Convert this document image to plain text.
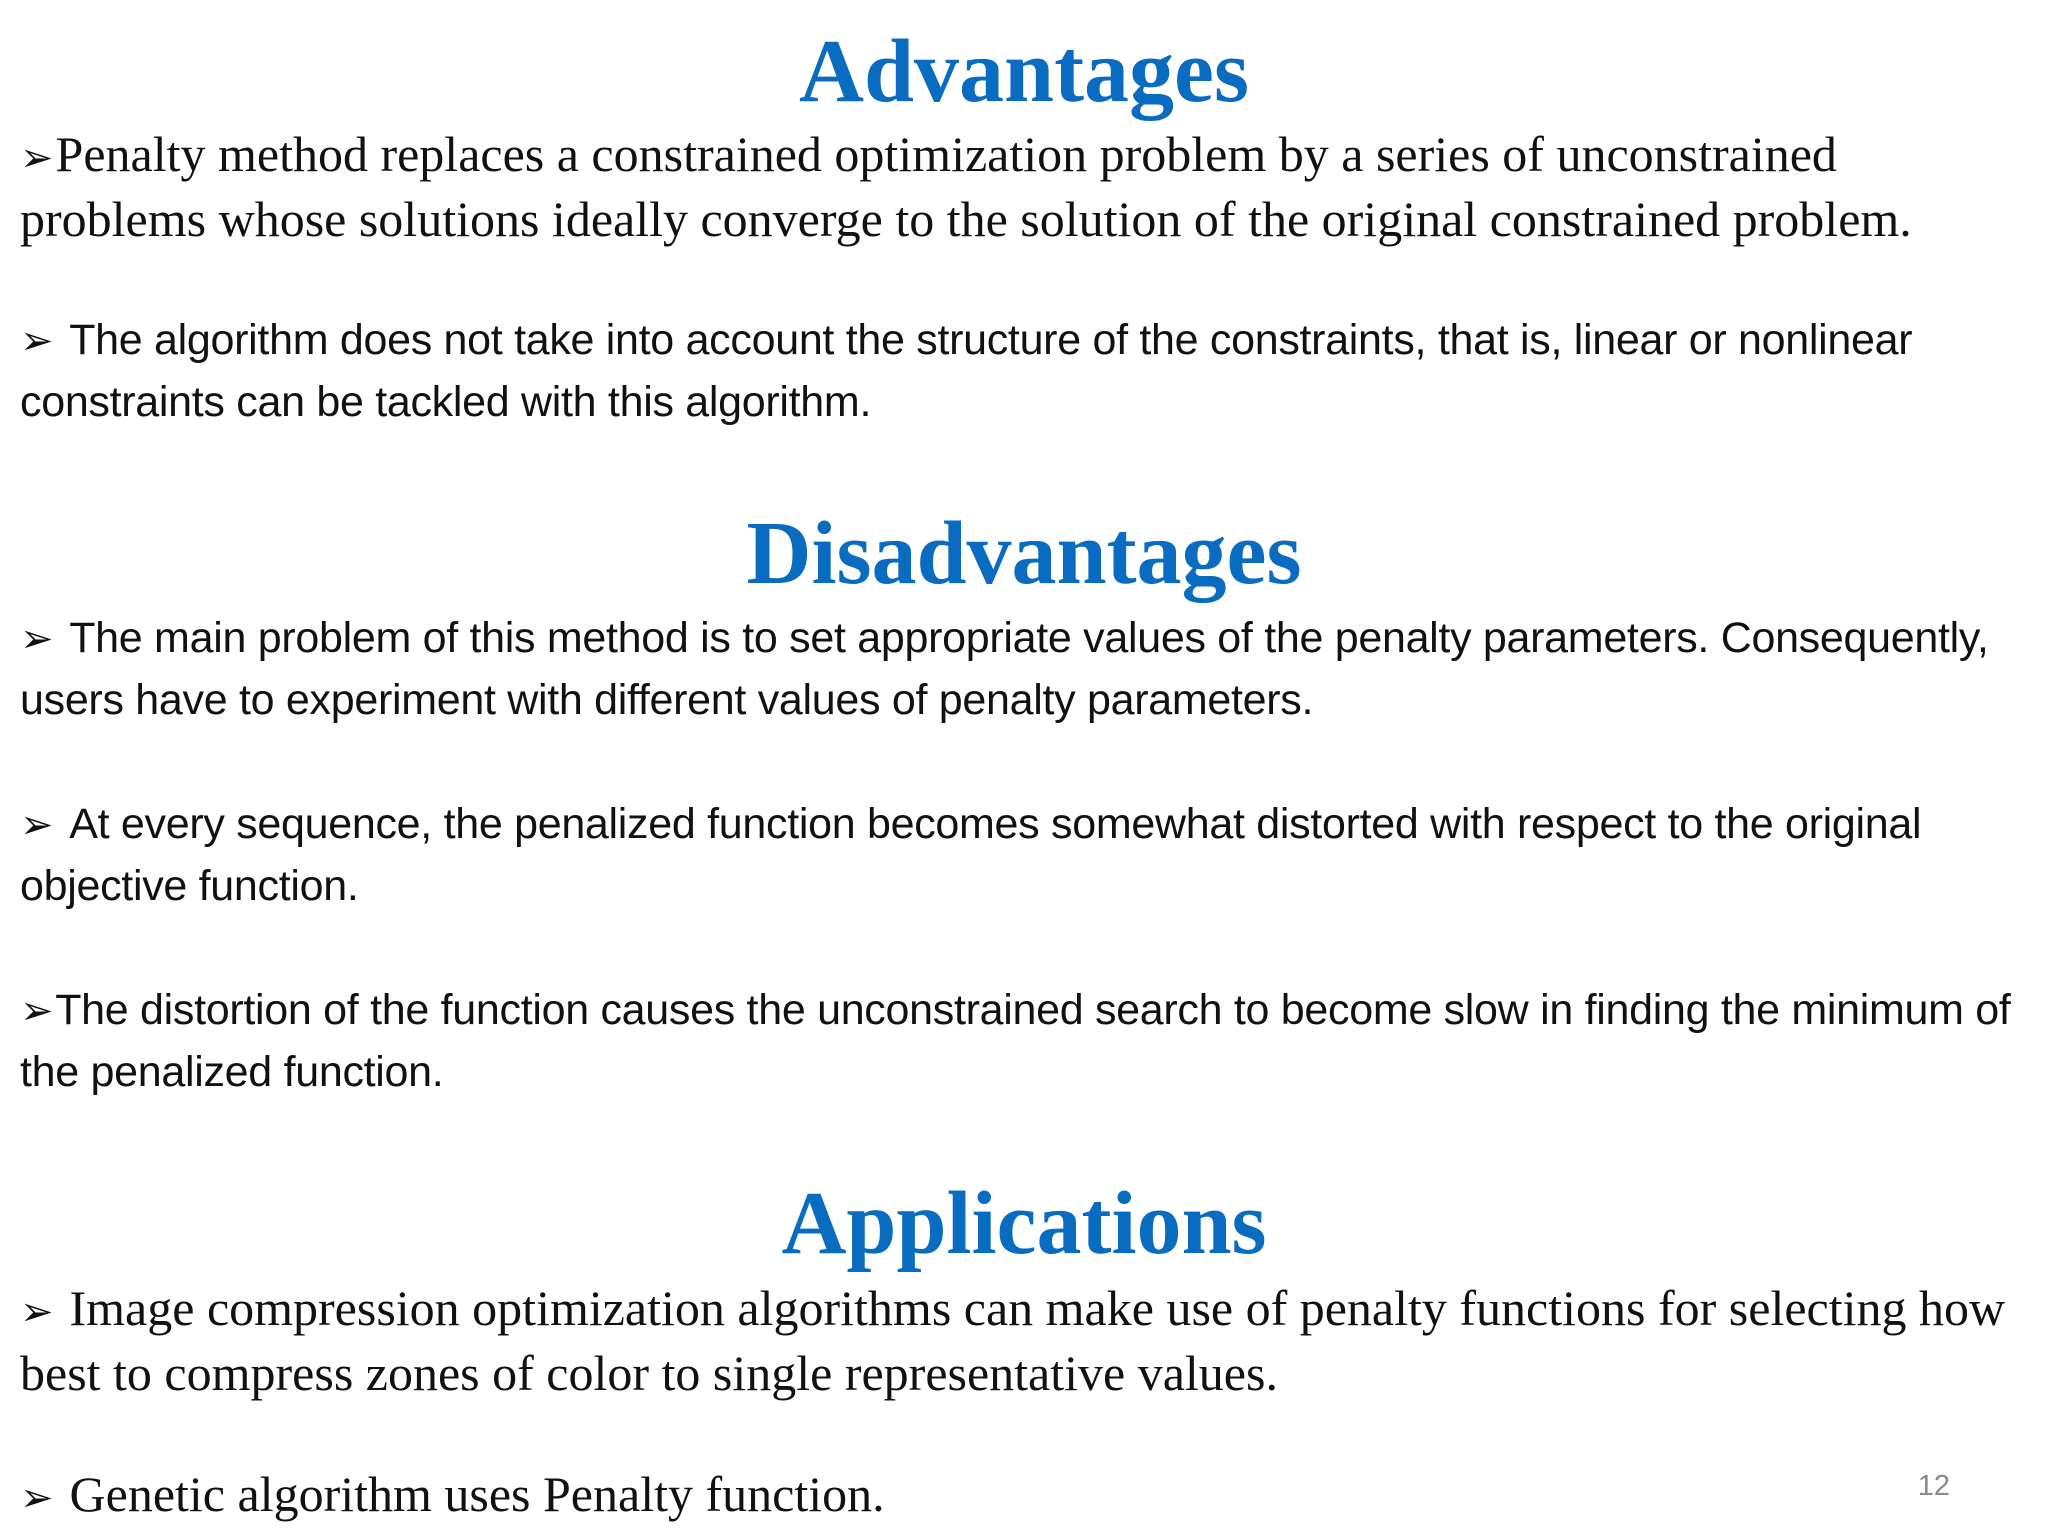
Advantages

➢Penalty method replaces a constrained optimization problem by a series of unconstrained problems whose solutions ideally converge to the solution of the original constrained problem.

➢ The algorithm does not take into account the structure of the constraints, that is, linear or nonlinear constraints can be tackled with this algorithm.

Disadvantages

➢ The main problem of this method is to set appropriate values of the penalty parameters. Consequently, users have to experiment with different values of penalty parameters.

➢ At every sequence, the penalized function becomes somewhat distorted with respect to the original objective function.

➢The distortion of the function causes the unconstrained search to become slow in finding the minimum of the penalized function.

Applications

➢ Image compression optimization algorithms can make use of penalty functions for selecting how best to compress zones of color to single representative values.

➢ Genetic algorithm uses Penalty function.	12
